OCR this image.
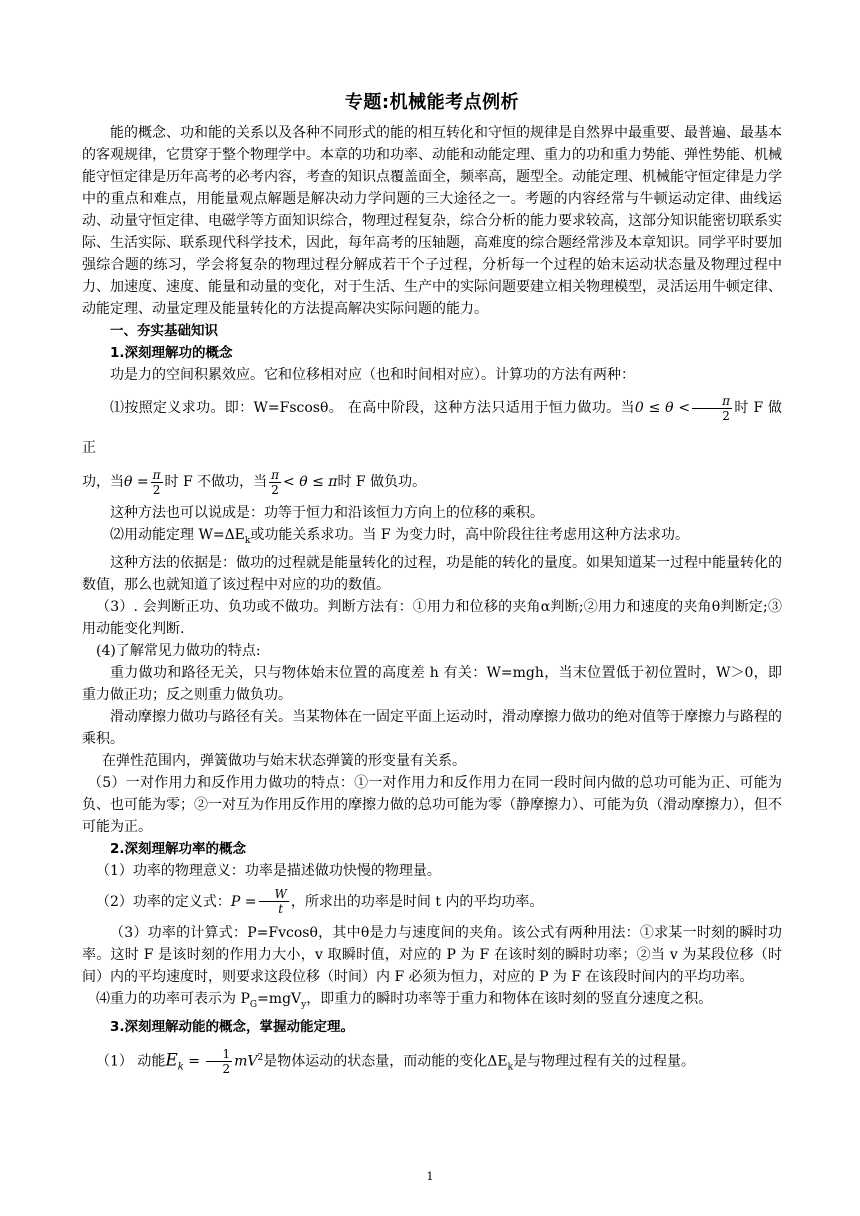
专题:机械能考点例析

能的概念、功和能的关系以及各种不同形式的能的相互转化和守恒的规律是自然界中最重要、最普遍、最基本的客观规律，它贯穿于整个物理学中。本章的功和功率、动能和动能定理、重力的功和重力势能、弹性势能、机械能守恒定律是历年高考的必考内容，考查的知识点覆盖面全，频率高，题型全。动能定理、机械能守恒定律是力学中的重点和难点，用能量观点解题是解决动力学问题的三大途径之一。考题的内容经常与牛顿运动定律、曲线运动、动量守恒定律、电磁学等方面知识综合，物理过程复杂，综合分析的能力要求较高，这部分知识能密切联系实际、生活实际、联系现代科学技术，因此，每年高考的压轴题，高难度的综合题经常涉及本章知识。同学平时要加强综合题的练习，学会将复杂的物理过程分解成若干个子过程，分析每一个过程的始末运动状态量及物理过程中力、加速度、速度、能量和动量的变化，对于生活、生产中的实际问题要建立相关物理模型，灵活运用牛顿定律、动能定理、动量定理及能量转化的方法提高解决实际问题的能力。

一、夯实基础知识

1.深刻理解功的概念

功是力的空间积累效应。它和位移相对应（也和时间相对应）。计算功的方法有两种：

⑴按照定义求功。即：W=Fscosθ。 在高中阶段，这种方法只适用于恒力做功。当$0 \le \theta < \frac{\pi}{2}$ 时 F 做正

功，当$\theta = \frac{\pi}{2}$ 时 F 不做功，当 $\frac{\pi}{2} < \theta \le \pi$时 F 做负功。

这种方法也可以说成是：功等于恒力和沿该恒力方向上的位移的乘积。

⑵用动能定理 $W=\Delta E_k$或功能关系求功。当 F 为变力时，高中阶段往往考虑用这种方法求功。

这种方法的依据是：做功的过程就是能量转化的过程，功是能的转化的量度。如果知道某一过程中能量转化的数值，那么也就知道了该过程中对应的功的数值。

（3）. 会判断正功、负功或不做功。判断方法有：①用力和位移的夹角α判断;②用力和速度的夹角θ判断定;③用动能变化判断.

(4)了解常见力做功的特点:

重力做功和路径无关，只与物体始末位置的高度差 h 有关：W=mgh，当末位置低于初位置时，W＞0，即重力做正功；反之则重力做负功。

滑动摩擦力做功与路径有关。当某物体在一固定平面上运动时，滑动摩擦力做功的绝对值等于摩擦力与路程的乘积。

在弹性范围内，弹簧做功与始末状态弹簧的形变量有关系。

（5）一对作用力和反作用力做功的特点：①一对作用力和反作用力在同一段时间内做的总功可能为正、可能为负、也可能为零；②一对互为作用反作用的摩擦力做的总功可能为零（静摩擦力）、可能为负（滑动摩擦力），但不可能为正。

2.深刻理解功率的概念

（1）功率的物理意义：功率是描述做功快慢的物理量。

（2）功率的定义式：$P = \frac{W}{t}$ ，所求出的功率是时间 t 内的平均功率。

（3）功率的计算式：P=Fvcosθ，其中θ是力与速度间的夹角。该公式有两种用法：①求某一时刻的瞬时功率。这时 F 是该时刻的作用力大小，v 取瞬时值，对应的 P 为 F 在该时刻的瞬时功率；②当 v 为某段位移（时间）内的平均速度时，则要求这段位移（时间）内 F 必须为恒力，对应的 P 为 F 在该段时间内的平均功率。

⑷重力的功率可表示为 $P_G=mgV_y$，即重力的瞬时功率等于重力和物体在该时刻的竖直分速度之积。

3.深刻理解动能的概念，掌握动能定理。

（1） 动能$E_k = \frac{1}{2} mV^2$是物体运动的状态量，而动能的变化$\Delta E_k$是与物理过程有关的过程量。

1
